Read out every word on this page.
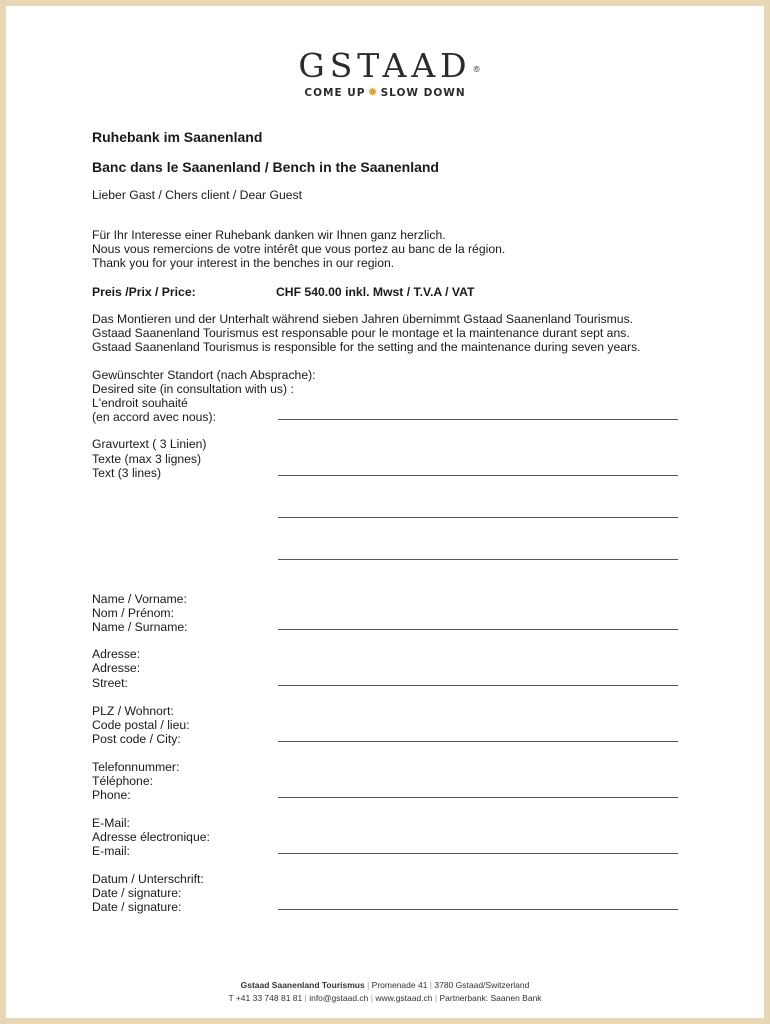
GSTAAD ®
COME UP ✹ SLOW DOWN
Ruhebank im Saanenland
Banc dans le Saanenland / Bench in the Saanenland
Lieber Gast / Chers client / Dear Guest
Für Ihr Interesse einer Ruhebank danken wir Ihnen ganz herzlich.
Nous vous remercions de votre intérêt que vous portez au banc de la région.
Thank you for your interest in the benches in our region.
Preis /Prix / Price:	CHF 540.00 inkl. Mwst / T.V.A / VAT
Das Montieren und der Unterhalt während sieben Jahren übernimmt Gstaad Saanenland Tourismus.
Gstaad Saanenland Tourismus est responsable pour le montage et la maintenance durant sept ans.
Gstaad Saanenland Tourismus is responsible for the setting and the maintenance during seven years.
Gewünschter Standort (nach Absprache):
Desired site (in consultation with us) :
L'endroit souhaité
(en accord avec nous):
Gravurtext ( 3 Linien)
Texte (max 3 lignes)
Text (3 lines)
Name / Vorname:
Nom / Prénom:
Name / Surname:
Adresse:
Adresse:
Street:
PLZ / Wohnort:
Code postal / lieu:
Post code / City:
Telefonnummer:
Téléphone:
Phone:
E-Mail:
Adresse électronique:
E-mail:
Datum / Unterschrift:
Date / signature:
Date / signature:
Gstaad Saanenland Tourismus | Promenade 41 | 3780 Gstaad/Switzerland
T +41 33 748 81 81 | info@gstaad.ch | www.gstaad.ch | Partnerbank: Saanen Bank
